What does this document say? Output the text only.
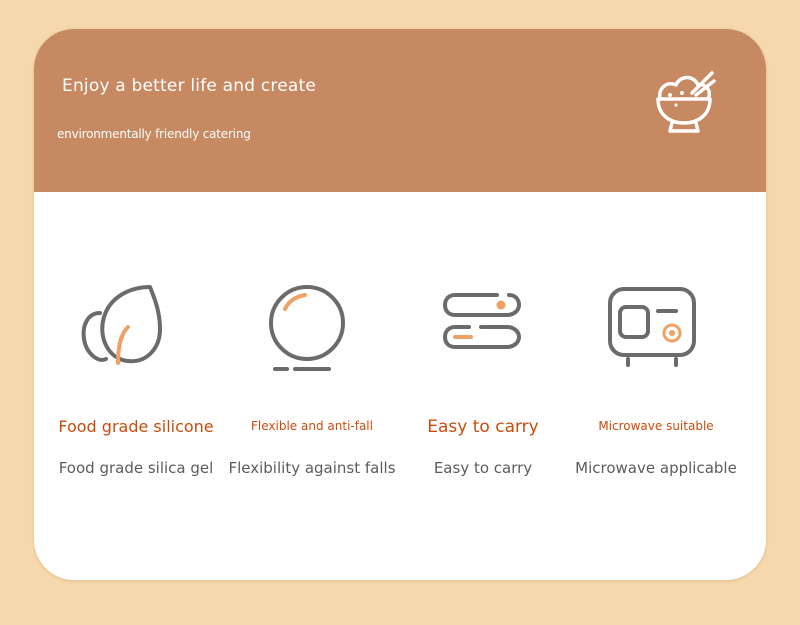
Enjoy a better life and create
environmentally friendly catering
Food grade silicone
Food grade silica gel
Flexible and anti-fall
Flexibility against falls
Easy to carry
Easy to carry
Microwave suitable
Microwave applicable
